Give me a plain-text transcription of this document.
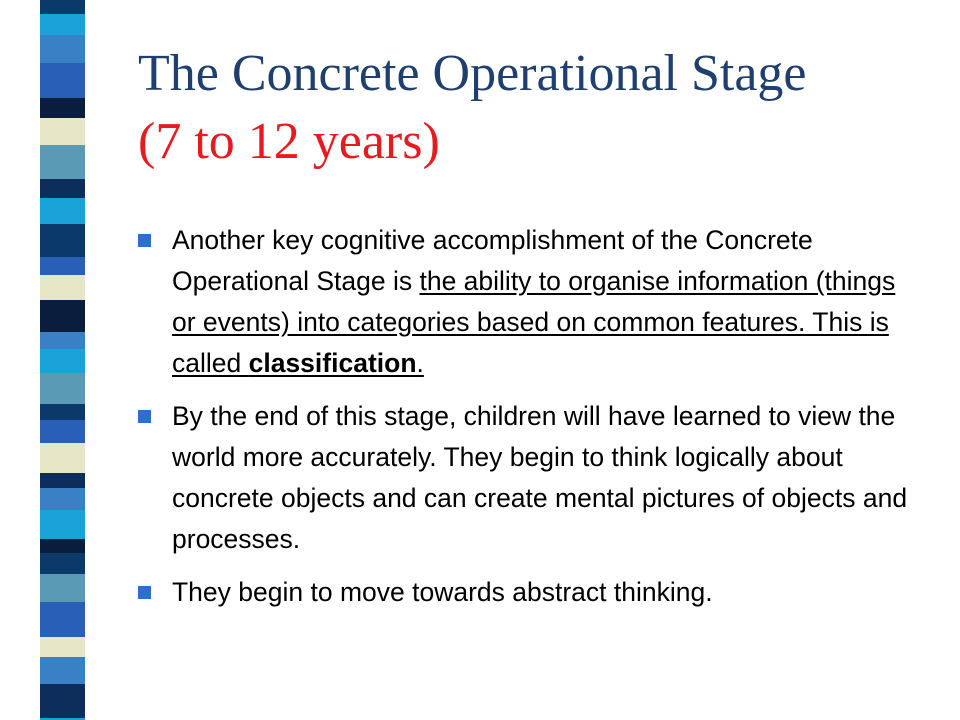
The Concrete Operational Stage
(7 to 12 years)
Another key cognitive accomplishment of the Concrete Operational Stage is the ability to organise information (things or events) into categories based on common features. This is called classification.
By the end of this stage, children will have learned to view the world more accurately. They begin to think logically about concrete objects and can create mental pictures of objects and processes.
They begin to move towards abstract thinking.
